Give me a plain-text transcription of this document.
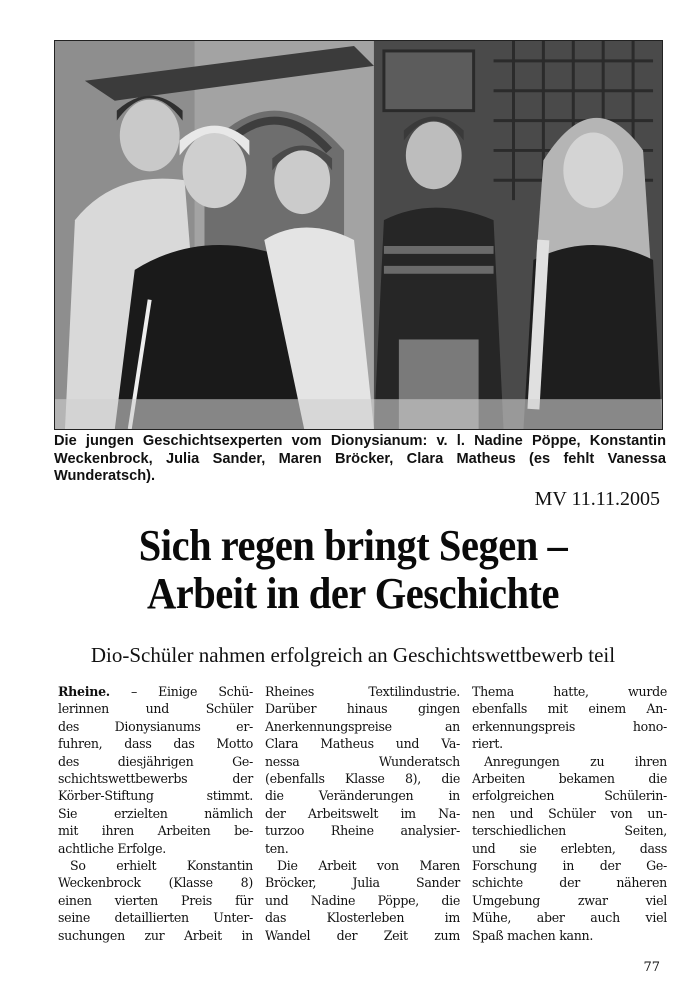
Die jungen Geschichtsexperten vom Dionysianum: v. l. Nadine Pöppe, Konstantin Weckenbrock, Julia Sander, Maren Bröcker, Clara Matheus (es fehlt Vanessa Wunderatsch).
MV 11.11.2005
Sich regen bringt Segen –
Arbeit in der Geschichte
Dio-Schüler nahmen erfolgreich an Geschichtswettbewerb teil
Rheine. – Einige Schü-
lerinnen und Schüler
des Dionysianums er-
fuhren, dass das Motto
des diesjährigen Ge-
schichtswettbewerbs der
Körber-Stiftung stimmt.
Sie erzielten nämlich
mit ihren Arbeiten be-
achtliche Erfolge.
So erhielt Konstantin
Weckenbrock (Klasse 8)
einen vierten Preis für
seine detaillierten Unter-
suchungen zur Arbeit in
Rheines Textilindustrie.
Darüber hinaus gingen
Anerkennungspreise an
Clara Matheus und Va-
nessa Wunderatsch
(ebenfalls Klasse 8), die
die Veränderungen in
der Arbeitswelt im Na-
turzoo Rheine analysier-
ten.
Die Arbeit von Maren
Bröcker, Julia Sander
und Nadine Pöppe, die
das Klosterleben im
Wandel der Zeit zum
Thema hatte, wurde
ebenfalls mit einem An-
erkennungspreis hono-
riert.
Anregungen zu ihren
Arbeiten bekamen die
erfolgreichen Schülerin-
nen und Schüler von un-
terschiedlichen Seiten,
und sie erlebten, dass
Forschung in der Ge-
schichte der näheren
Umgebung zwar viel
Mühe, aber auch viel
Spaß machen kann.
77
